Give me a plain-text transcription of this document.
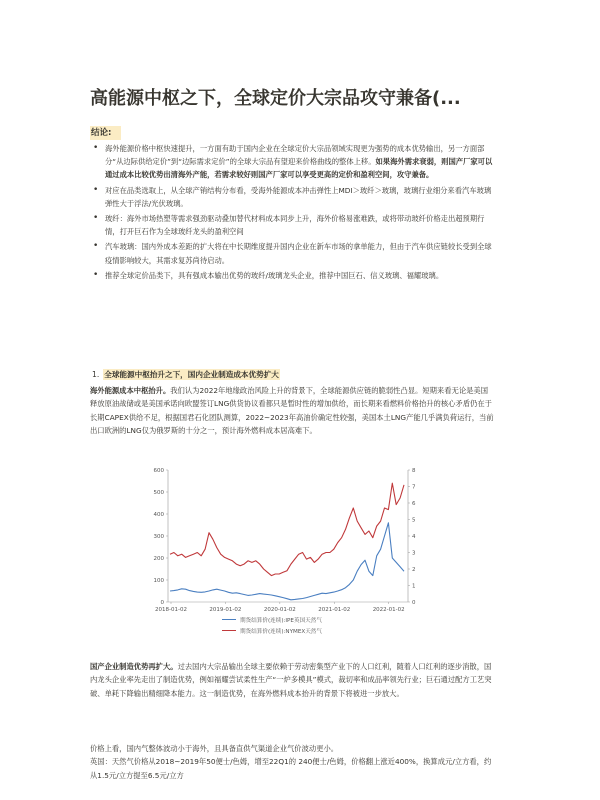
高能源中枢之下，全球定价大宗品攻守兼备(...
结论:
• 海外能源价格中枢快速提升，一方面有助于国内企业在全球定价大宗品领域实现更为强势的成本优势输出，另一方面部分“从边际供给定价”到“边际需求定价”的全球大宗品有望迎来价格曲线的整体上移。如果海外需求衰弱，则国产厂家可以通过成本比较优势出清海外产能，若需求较好则国产厂家可以享受更高的定价和盈利空间，攻守兼备。
• 对应在品类选取上，从全球产销结构分布看，受海外能源成本冲击弹性上MDI＞玻纤＞玻璃，玻璃行业细分来看汽车玻璃弹性大于浮法/光伏玻璃。
• 玻纤：海外市场热塑等需求强劲驱动叠加替代材料成本同步上升，海外价格易涨难跌，或将带动玻纤价格走出超预期行情，打开巨石作为全球玻纤龙头的盈利空间
• 汽车玻璃：国内外成本差距的扩大将在中长期维度提升国内企业在新车市场的拿单能力，但由于汽车供应链较长受到全球疫情影响较大，其需求复苏尚待启动。
• 推荐全球定价品类下，具有强成本输出优势的玻纤/玻璃龙头企业，推荐中国巨石、信义玻璃、福耀玻璃。
1. 全球能源中枢抬升之下，国内企业制造成本优势扩大
海外能源成本中枢抬升。我们认为2022年地缘政治风险上升的背景下，全球能源供应链的脆弱性凸显。短期来看无论是美国释放原油战储或是美国承诺向欧盟签订LNG供货协议看都只是暂时性的增加供给，而长期来看燃料价格抬升的核心矛盾仍在于长期CAPEX供给不足，根据国君石化团队测算，2022~2023年高油价确定性较强，美国本土LNG产能几乎满负荷运行，当前出口欧洲的LNG仅为俄罗斯的十分之一，预计海外燃料成本居高难下。
0
100
200
300
400
500
600
0
1
2
3
4
5
6
7
8
2018-01-02	2019-01-02	2020-01-02	2021-01-02	2022-01-02
期货结算价(连续):IPE英国天然气
期货结算价(连续):NYMEX天然气
国产企业制造优势再扩大。过去国内大宗品输出全球主要依赖于劳动密集型产业下的人口红利，随着人口红利的逐步消散，国内龙头企业率先走出了制造优势，例如福耀尝试柔性生产“一炉多模具”模式，裁切率和成品率领先行业；巨石通过配方工艺突破、单耗下降输出精细降本能力。这一制造优势，在海外燃料成本抬升的背景下将被进一步放大。

价格上看，国内气整体波动小于海外，且具备直供气渠道企业气价波动更小。

英国：天然气价格从2018~2019年50便士/色姆，增至22Q1的 240便士/色姆，价格翻上涨近400%，换算成元/立方看，约从1.5元/立方提至6.5元/立方
